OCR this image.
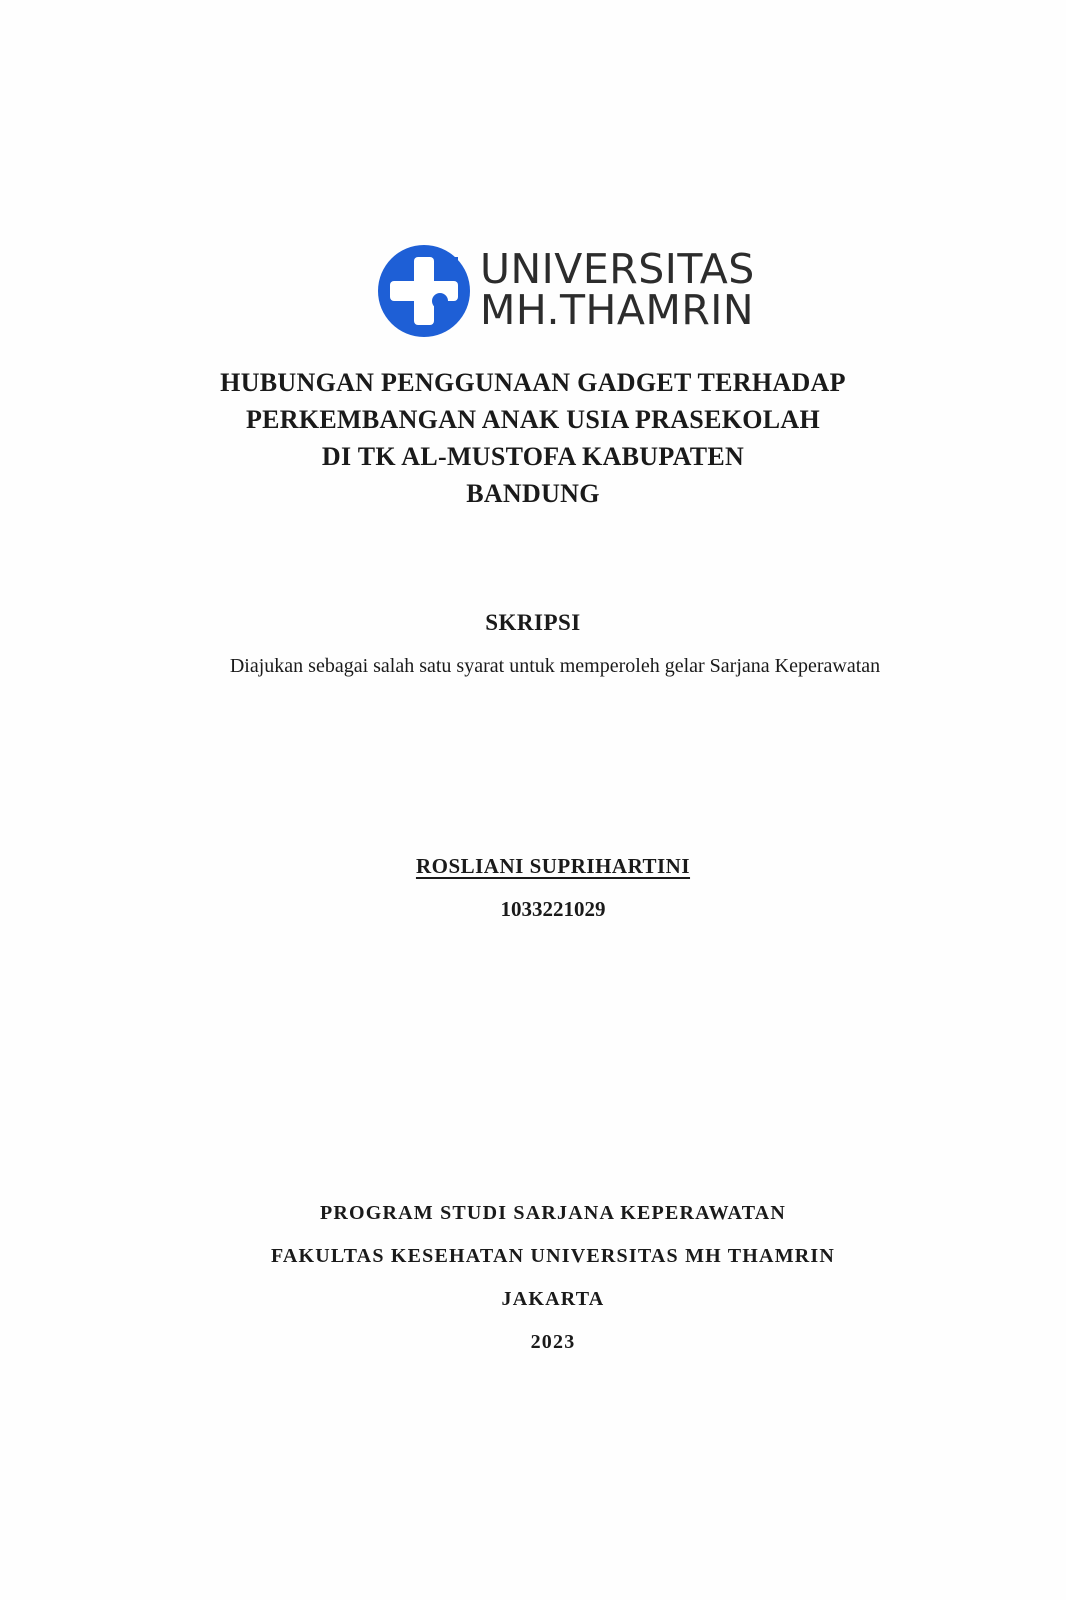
UNIVERSITAS
MH.THAMRIN
HUBUNGAN PENGGUNAAN GADGET TERHADAP
PERKEMBANGAN ANAK USIA PRASEKOLAH
DI TK AL-MUSTOFA KABUPATEN
BANDUNG
SKRIPSI
Diajukan sebagai salah satu syarat untuk memperoleh gelar Sarjana Keperawatan
ROSLIANI SUPRIHARTINI
1033221029
PROGRAM STUDI SARJANA KEPERAWATAN
FAKULTAS KESEHATAN UNIVERSITAS MH THAMRIN
JAKARTA
2023
